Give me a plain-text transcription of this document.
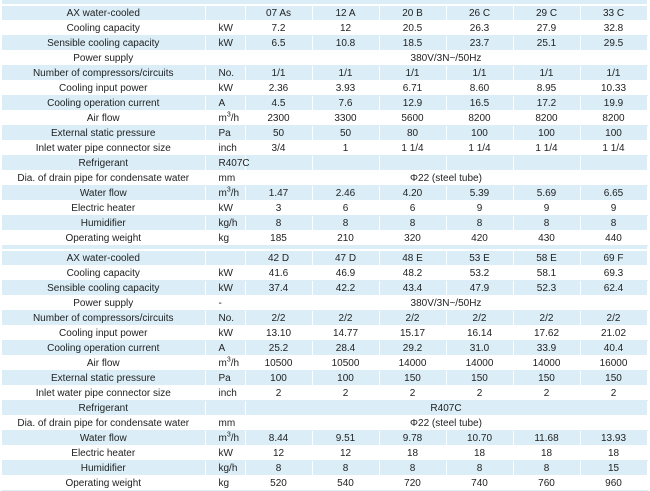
AX water-cooled		07 As	12 A	20 B	26 C	29 C	33 C
Cooling capacity	kW	7.2	12	20.5	26.3	27.9	32.8
Sensible cooling capacity	kW	6.5	10.8	18.5	23.7	25.1	29.5
Power supply		380V/3N~/50Hz					
Number of compressors/circuits	No.	1/1	1/1	1/1	1/1	1/1	1/1
Cooling input power	kW	2.36	3.93	6.71	8.60	8.95	10.33
Cooling operation current	A	4.5	7.6	12.9	16.5	17.2	19.9
Air flow	$m^3/h$	2300	3300	5600	8200	8200	8200
External static pressure	Pa	50	50	80	100	100	100
Inlet water pipe connector size	inch	3/4	1	1 1/4	1 1/4	1 1/4	1 1/4
Refrigerant	R407C						
Dia. of drain pipe for condensate water	mm	Φ22 (steel tube)					
Water flow	$m^3/h$	1.47	2.46	4.20	5.39	5.69	6.65
Electric heater	kW	3	6	6	9	9	9
Humidifier	kg/h	8	8	8	8	8	8
Operating weight	kg	185	210	320	420	430	440
AX water-cooled		42 D	47 D	48 E	53 E	58 E	69 F
Cooling capacity	kW	41.6	46.9	48.2	53.2	58.1	69.3
Sensible cooling capacity	kW	37.4	42.2	43.4	47.9	52.3	62.4
Power supply	-	380V/3N~/50Hz					
Number of compressors/circuits	No.	2/2	2/2	2/2	2/2	2/2	2/2
Cooling input power	kW	13.10	14.77	15.17	16.14	17.62	21.02
Cooling operation current	A	25.2	28.4	29.2	31.0	33.9	40.4
Air flow	$m^3/h$	10500	10500	14000	14000	14000	16000
External static pressure	Pa	100	100	150	150	150	150
Inlet water pipe connector size	inch	2	2	2	2	2	2
Refrigerant		R407C					
Dia. of drain pipe for condensate water	mm	Φ22 (steel tube)					
Water flow	$m^3/h$	8.44	9.51	9.78	10.70	11.68	13.93
Electric heater	kW	12	12	18	18	18	18
Humidifier	kg/h	8	8	8	8	8	15
Operating weight	kg	520	540	720	740	760	960
